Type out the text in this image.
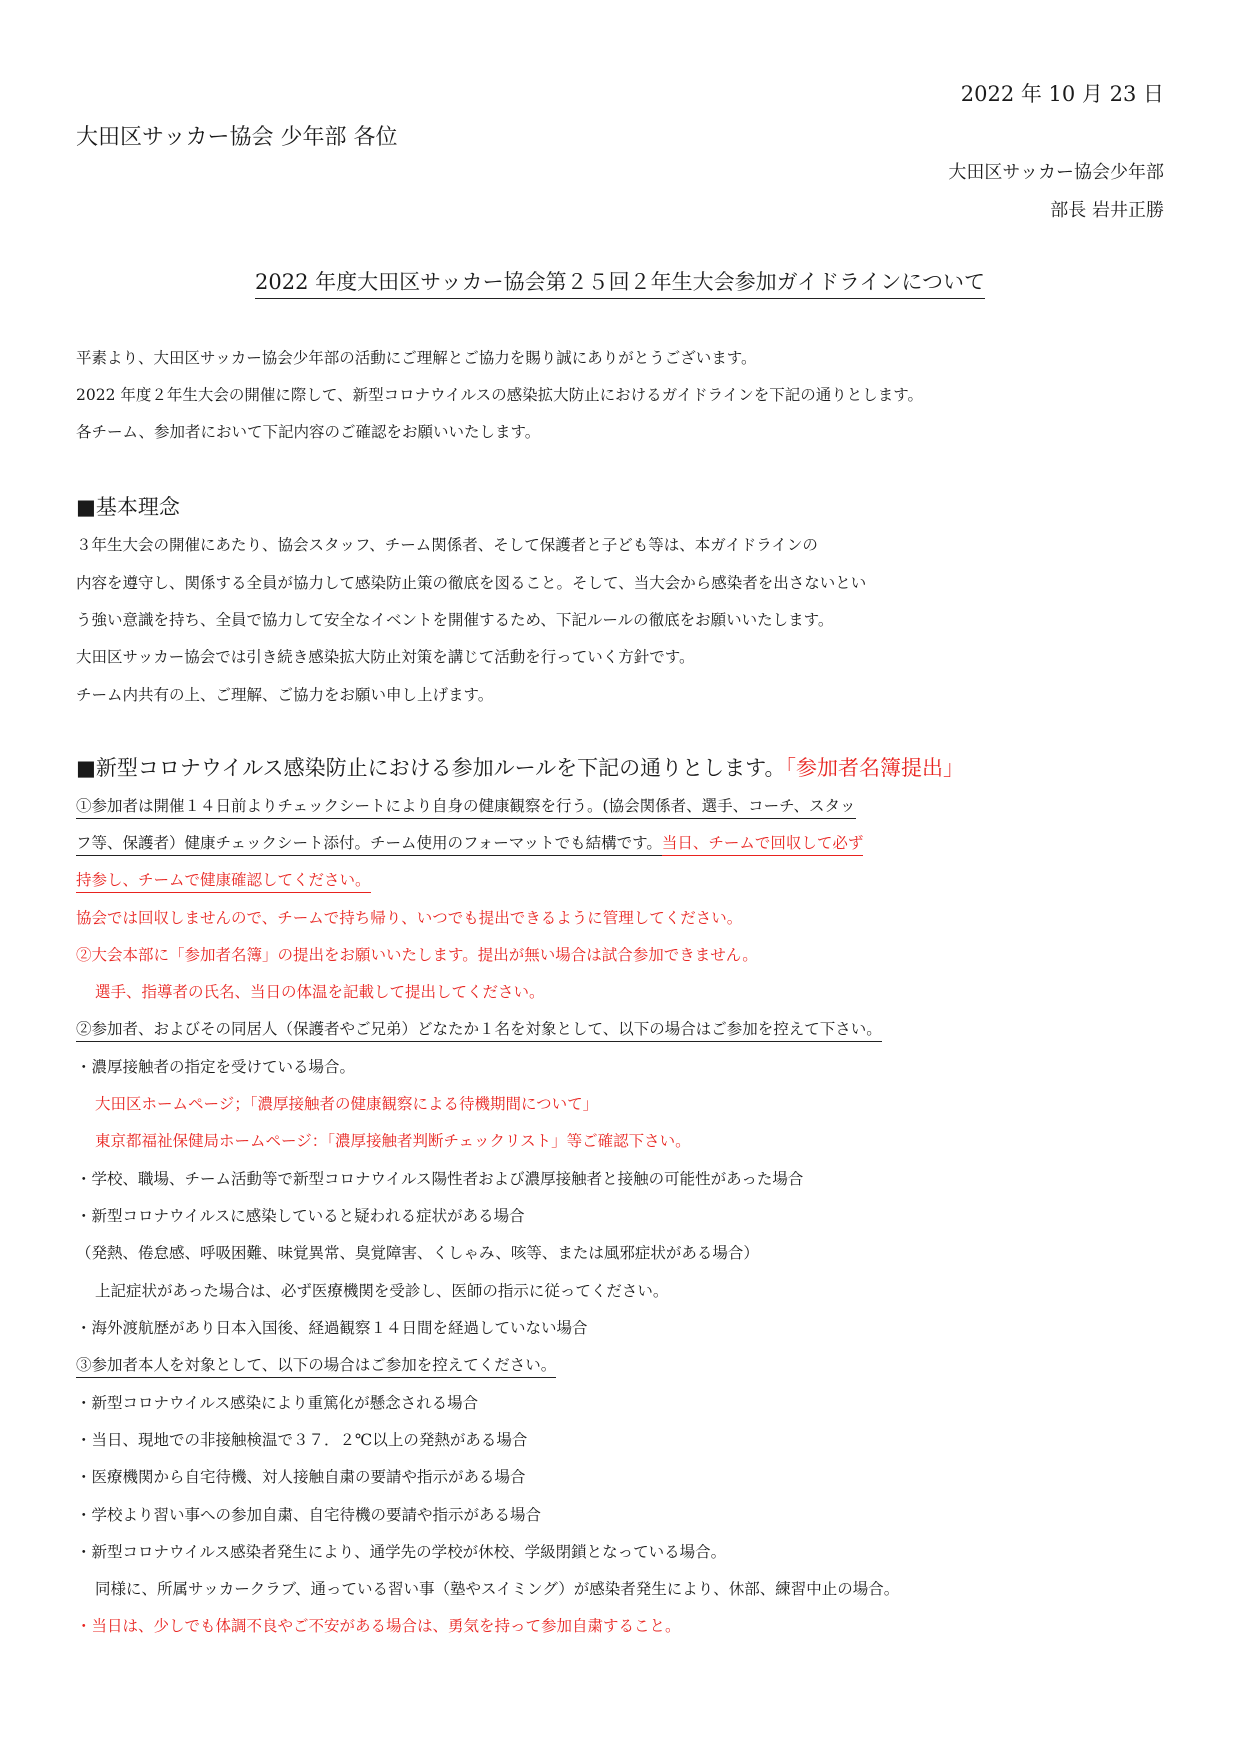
2022 年 10 月 23 日
大田区サッカー協会 少年部 各位
大田区サッカー協会少年部
部長 岩井正勝
2022 年度大田区サッカー協会第２５回２年生大会参加ガイドラインについて
平素より、大田区サッカー協会少年部の活動にご理解とご協力を賜り誠にありがとうございます。
2022 年度２年生大会の開催に際して、新型コロナウイルスの感染拡大防止におけるガイドラインを下記の通りとします。
各チーム、参加者において下記内容のご確認をお願いいたします。
■基本理念
３年生大会の開催にあたり、協会スタッフ、チーム関係者、そして保護者と子ども等は、本ガイドラインの
内容を遵守し、関係する全員が協力して感染防止策の徹底を図ること。そして、当大会から感染者を出さないとい
う強い意識を持ち、全員で協力して安全なイベントを開催するため、下記ルールの徹底をお願いいたします。
大田区サッカー協会では引き続き感染拡大防止対策を講じて活動を行っていく方針です。
チーム内共有の上、ご理解、ご協力をお願い申し上げます。
■新型コロナウイルス感染防止における参加ルールを下記の通りとします。「参加者名簿提出」
①参加者は開催１４日前よりチェックシートにより自身の健康観察を行う。(協会関係者、選手、コーチ、スタッ
フ等、保護者）健康チェックシート添付。チーム使用のフォーマットでも結構です。当日、チームで回収して必ず
持参し、チームで健康確認してください。
協会では回収しませんので、チームで持ち帰り、いつでも提出できるように管理してください。
②大会本部に「参加者名簿」の提出をお願いいたします。提出が無い場合は試合参加できません。
選手、指導者の氏名、当日の体温を記載して提出してください。
②参加者、およびその同居人（保護者やご兄弟）どなたか１名を対象として、以下の場合はご参加を控えて下さい。
・濃厚接触者の指定を受けている場合。
大田区ホームページ；「濃厚接触者の健康観察による待機期間について」
東京都福祉保健局ホームページ：「濃厚接触者判断チェックリスト」等ご確認下さい。
・学校、職場、チーム活動等で新型コロナウイルス陽性者および濃厚接触者と接触の可能性があった場合
・新型コロナウイルスに感染していると疑われる症状がある場合
（発熱、倦怠感、呼吸困難、味覚異常、臭覚障害、くしゃみ、咳等、または風邪症状がある場合）
上記症状があった場合は、必ず医療機関を受診し、医師の指示に従ってください。
・海外渡航歴があり日本入国後、経過観察１４日間を経過していない場合
③参加者本人を対象として、以下の場合はご参加を控えてください。
・新型コロナウイルス感染により重篤化が懸念される場合
・当日、現地での非接触検温で３７．２℃以上の発熱がある場合
・医療機関から自宅待機、対人接触自粛の要請や指示がある場合
・学校より習い事への参加自粛、自宅待機の要請や指示がある場合
・新型コロナウイルス感染者発生により、通学先の学校が休校、学級閉鎖となっている場合。
同様に、所属サッカークラブ、通っている習い事（塾やスイミング）が感染者発生により、休部、練習中止の場合。
・当日は、少しでも体調不良やご不安がある場合は、勇気を持って参加自粛すること。
